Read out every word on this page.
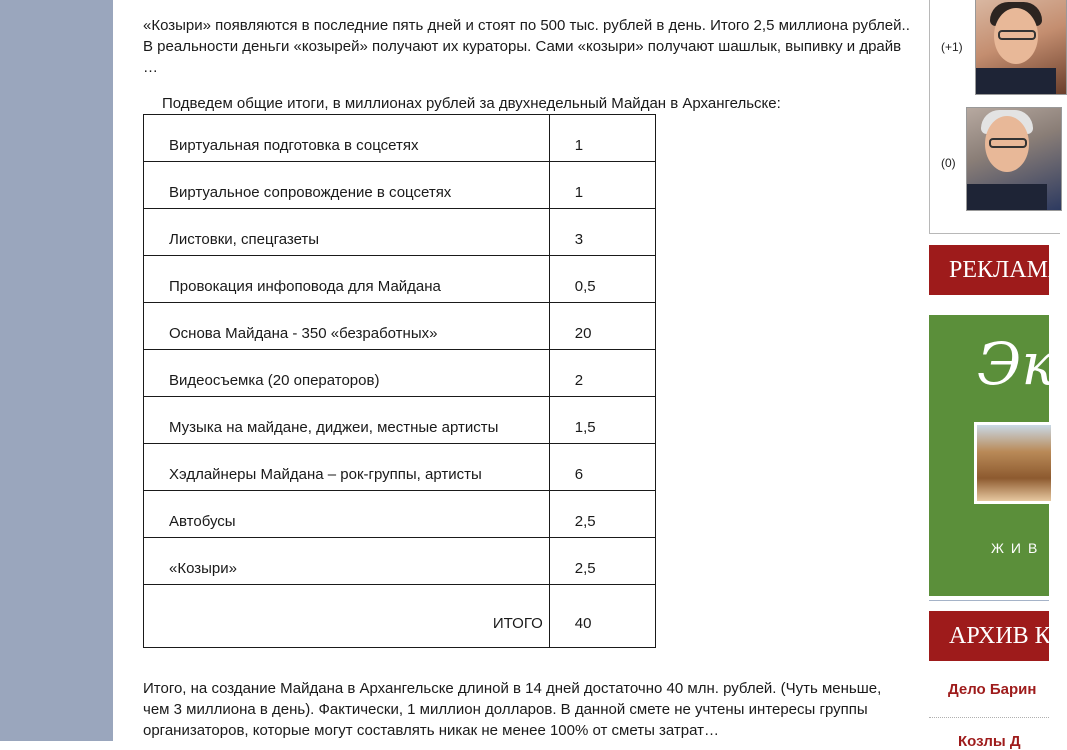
«Козыри» появляются в последние пять дней и стоят по 500 тыс. рублей в день. Итого 2,5 миллиона рублей.. В реальности деньги «козырей» получают их кураторы. Сами «козыри» получают шашлык, выпивку и драйв …
Подведем общие итоги, в миллионах рублей за двухнедельный Майдан в Архангельске:
Виртуальная подготовка в соцсетях	1
Виртуальное сопровождение в соцсетях	1
Листовки, спецгазеты	3
Провокация инфоповода для Майдана	0,5
Основа Майдана - 350 «безработных»	20
Видеосъемка (20 операторов)	2
Музыка на майдане, диджеи, местные артисты	1,5
Хэдлайнеры Майдана – рок-группы, артисты	6
Автобусы	2,5
«Козыри»	2,5
ИТОГО	40
Итого, на создание Майдана в Архангельске длиной в 14 дней достаточно 40 млн. рублей. (Чуть меньше, чем 3 миллиона в день). Фактически, 1 миллион долларов. В данной смете не учтены интересы группы организаторов, которые могут составлять никак не менее 100% от сметы затрат…
(+1)
(0)
РЕКЛАМА
Эк
ЖИВ
АРХИВ КО
Дело Барин
Козлы Д
